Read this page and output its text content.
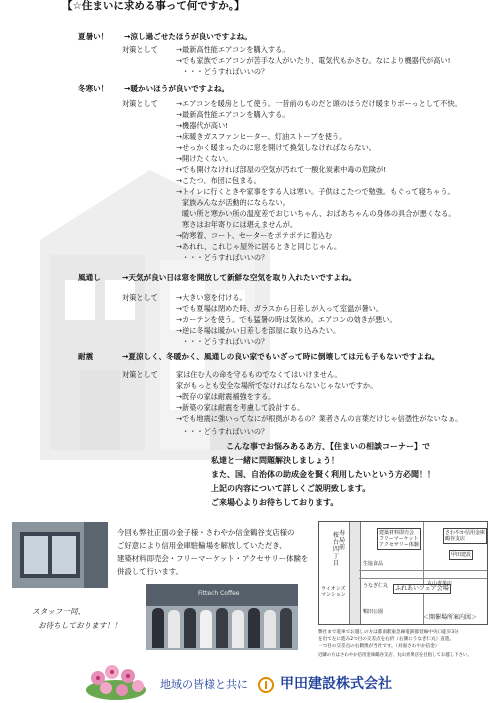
【☆住まいに求める事って何ですか。】
夏暑い！ →涼し過ごせたほうが良いですよね。
対策として	→最新高性能エアコンを購入する。
→でも家族でエアコンが苦手な人がいたり、電気代もかさむ。なにより機器代が高い!
・・・どうすればいいの？
冬寒い！ →暖かいほうが良いですよね。
対策として	→エアコンを暖房として使う。一昔前のものだと頭のほうだけ暖まりボーっとして不快。
→最新高性能エアコンを購入する。
→機器代が高い!
→床暖きガスファンヒーター、灯油ストーブを使う。
→せっかく暖まったのに窓を開けて換気しなければならない。
→開けたくない。
→でも開けなければ部屋の空気が汚れて一酸化炭素中毒の危険が!
→こたつ、布団に包まる。
→トイレに行くときや家事をする人は寒い。子供はこたつで勉強。もぐって寝ちゃう。
家族みんなが活動的にならない。
暖い所と寒かい所の温度差でおじいちゃん、おばあちゃんの身体の具合が悪くなる。
寒さはお年寄りには堪えませんが。
→防寒着、コート、セーターをポテポテに着込む
→あれれ、これじゃ屋外に居るときと同じじゃん。
・・・どうすればいいの？
風通し	→天気が良い日は窓を開放して新鮮な空気を取り入れたいですよね。
対策として	→大きい窓を付ける。
→でも夏場は閉めた時、ガラスから日差しが入って室温が暑い。
→カーテンを使う。でも猛暑の時は気休め。エアコンの効きが悪い。
→逆に冬場は暖かい日差しを部屋に取り込みたい。
・・・どうすればいいの？
耐震	→夏涼しく、冬暖かく、風通しの良い家でもいざって時に倒壊しては元も子もないですよね。
対策として	家は住む人の命を守るものでなくてはいけません。
家がもっとも安全な場所でなければならないじゃないですか。
→既存の家は耐震補強をする。
→新築の家は耐震を考慮して設計する。
→でも地震に強いってなにが根拠があるの？業者さんの言葉だけじゃ信憑性がないなぁ。
・・・どうすればいいの？
こんな事でお悩みあるあ方、【住まいの相談コーナー】で
私達と一緒に問題解決しましょう！
また、国、自治体の助成金を賢く利用したいという方必聞！！
上記の内容について詳しくご説明致します。
ご来場心よりお待ちしております。
今回も弊社正面の金子様・さわやか信金鶴谷支店様の
ご好意により信用金庫駐輪場を解放していただき、
建築材料即売会・フリーマーケット・アクセサリー体験を
併設して行います。
スタッフ一同、
お待ちしております！！
Fittech Coffee
桜台四丁目
寿局前
ライオンズマンション
建築材料即売会
フリーマーケット
アクセサリー体験
さわやか信用金庫
鶴谷支店
甲田建設
ふれあいフェア会場
生協食品
丸山青果店
うなぎ仁丸
鴨田公園
＜開催場所案内図＞
弊社まで電車でお越しの方は都南駅東急線電鉄都営線中央口徒歩3分
を出て左に進み2つ目の交差点を右折（右側にうなぎ仁丸）直進、
一つ目の交差点の右側奥が当社です。（対面さわやか信金）
近隣の方はさわやか信用金庫鶴谷支店、丸山青果店を目指してお越し下さい。
地域の皆様と共に 甲田建設株式会社
